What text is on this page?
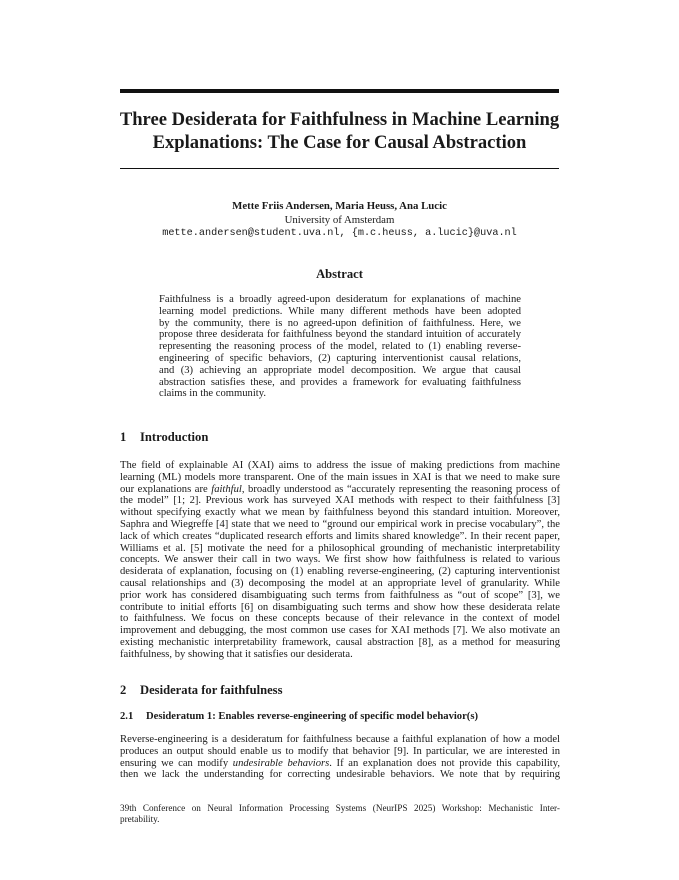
Three Desiderata for Faithfulness in Machine Learning
Explanations: The Case for Causal Abstraction
Mette Friis Andersen, Maria Heuss, Ana Lucic
University of Amsterdam
mette.andersen@student.uva.nl, {m.c.heuss, a.lucic}@uva.nl
Abstract
Faithfulness is a broadly agreed-upon desideratum for explanations of machine
learning model predictions. While many different methods have been adopted
by the community, there is no agreed-upon definition of faithfulness. Here, we
propose three desiderata for faithfulness beyond the standard intuition of accurately
representing the reasoning process of the model, related to (1) enabling reverse-
engineering of specific behaviors, (2) capturing interventionist causal relations,
and (3) achieving an appropriate model decomposition. We argue that causal
abstraction satisfies these, and provides a framework for evaluating faithfulness
claims in the community.
1 Introduction
The field of explainable AI (XAI) aims to address the issue of making predictions from machine
learning (ML) models more transparent. One of the main issues in XAI is that we need to make sure
our explanations are faithful, broadly understood as “accurately representing the reasoning process of
the model” [1; 2]. Previous work has surveyed XAI methods with respect to their faithfulness [3]
without specifying exactly what we mean by faithfulness beyond this standard intuition. Moreover,
Saphra and Wiegreffe [4] state that we need to “ground our empirical work in precise vocabulary”, the
lack of which creates “duplicated research efforts and limits shared knowledge”. In their recent paper,
Williams et al. [5] motivate the need for a philosophical grounding of mechanistic interpretability
concepts. We answer their call in two ways. We first show how faithfulness is related to various
desiderata of explanation, focusing on (1) enabling reverse-engineering, (2) capturing interventionist
causal relationships and (3) decomposing the model at an appropriate level of granularity. While
prior work has considered disambiguating such terms from faithfulness as “out of scope” [3], we
contribute to initial efforts [6] on disambiguating such terms and show how these desiderata relate
to faithfulness. We focus on these concepts because of their relevance in the context of model
improvement and debugging, the most common use cases for XAI methods [7]. We also motivate an
existing mechanistic interpretability framework, causal abstraction [8], as a method for measuring
faithfulness, by showing that it satisfies our desiderata.
2 Desiderata for faithfulness
2.1 Desideratum 1: Enables reverse-engineering of specific model behavior(s)
Reverse-engineering is a desideratum for faithfulness because a faithful explanation of how a model
produces an output should enable us to modify that behavior [9]. In particular, we are interested in
ensuring we can modify undesirable behaviors. If an explanation does not provide this capability,
then we lack the understanding for correcting undesirable behaviors. We note that by requiring
39th Conference on Neural Information Processing Systems (NeurIPS 2025) Workshop: Mechanistic Inter-
pretability.
